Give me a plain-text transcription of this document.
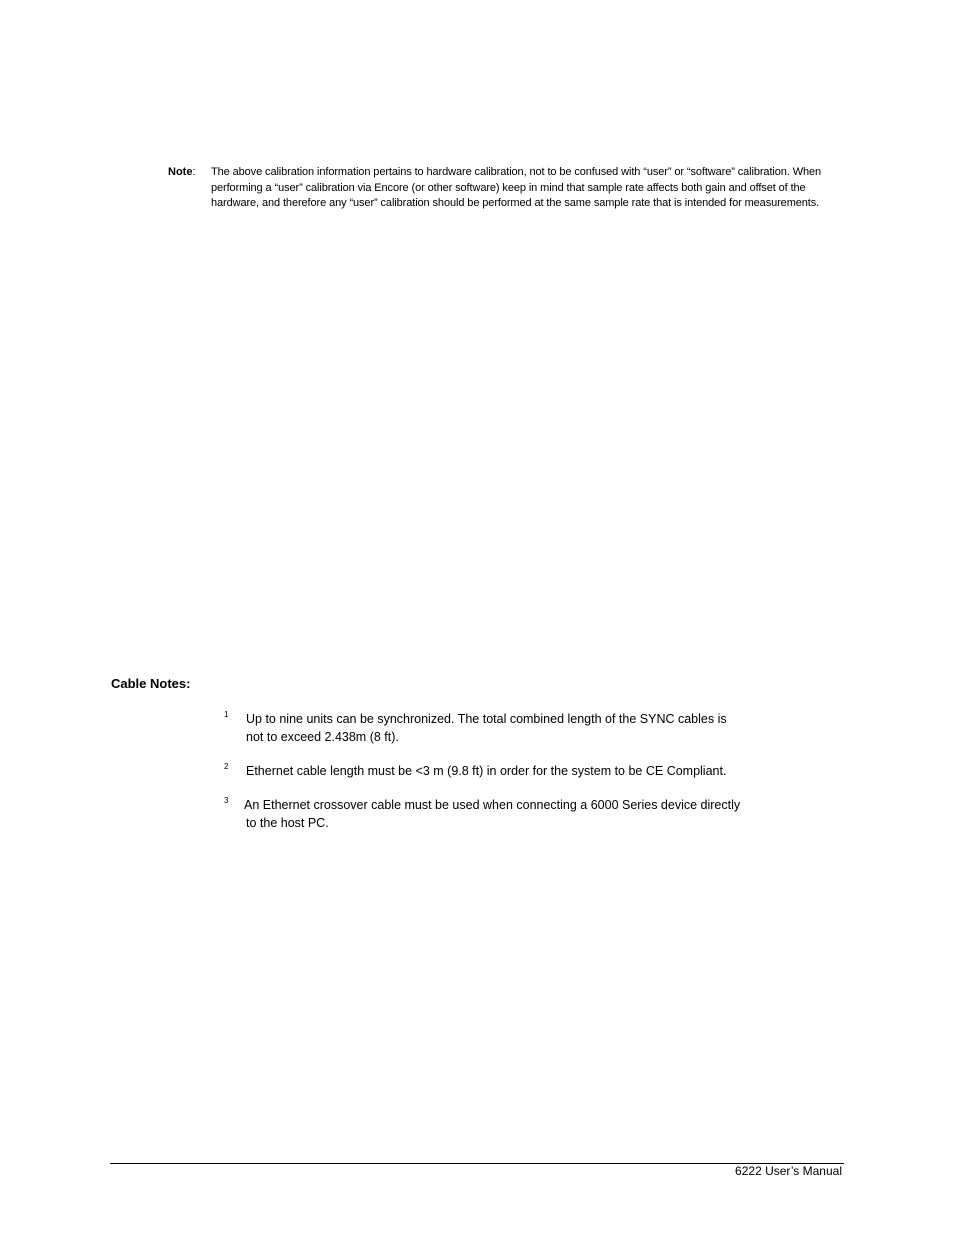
Note: The above calibration information pertains to hardware calibration, not to be confused with “user” or “software” calibration. When performing a “user” calibration via Encore (or other software) keep in mind that sample rate affects both gain and offset of the hardware, and therefore any “user” calibration should be performed at the same sample rate that is intended for measurements.
Cable Notes:
1 Up to nine units can be synchronized. The total combined length of the SYNC cables is
not to exceed 2.438m (8 ft).
2 Ethernet cable length must be <3 m (9.8 ft) in order for the system to be CE Compliant.
3 An Ethernet crossover cable must be used when connecting a 6000 Series device directly
to the host PC.
6222 User’s Manual
